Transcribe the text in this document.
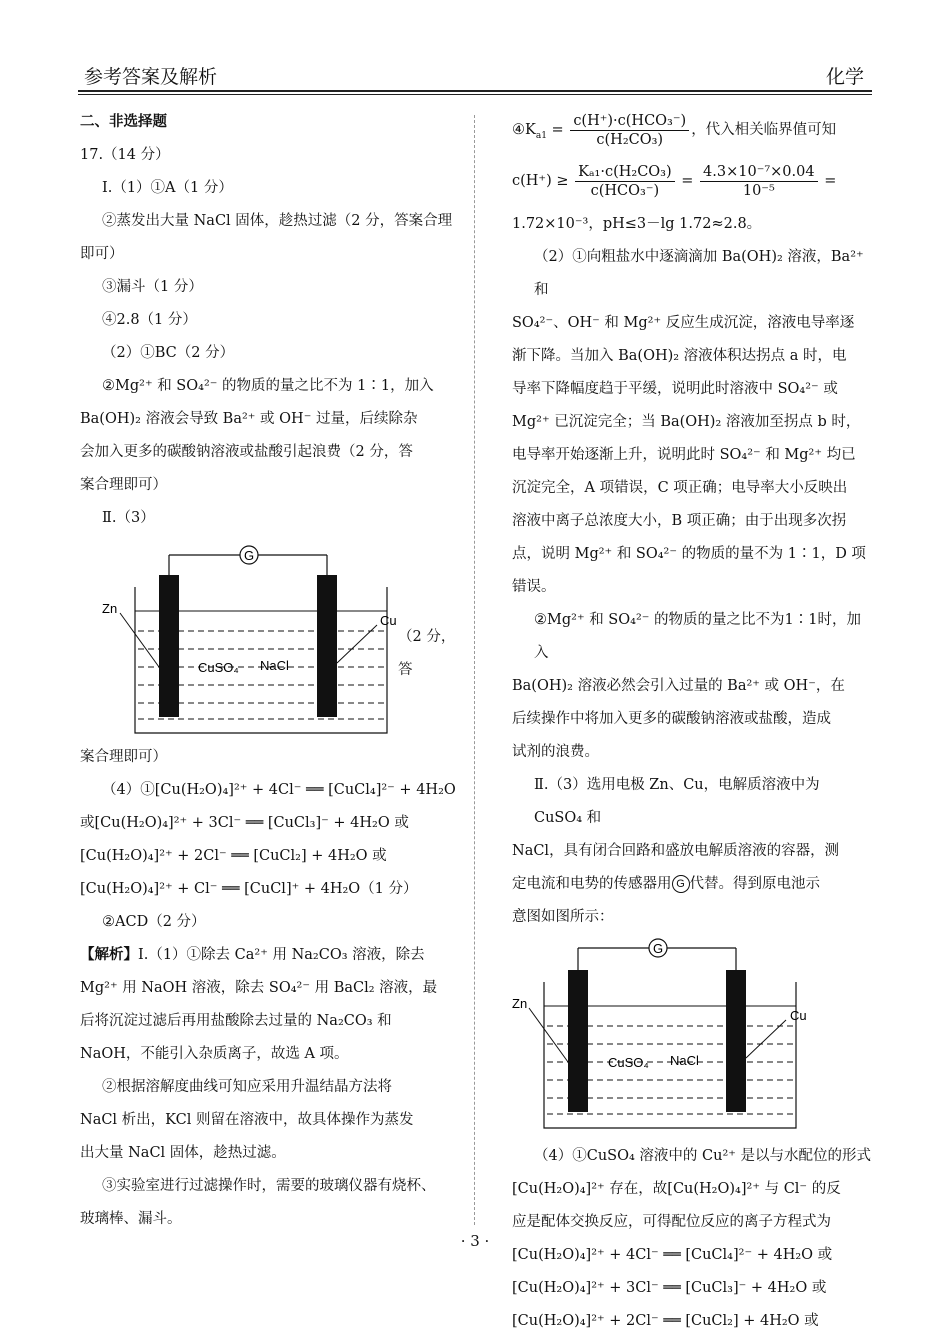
参考答案及解析	化学

二、非选择题

17.（14 分）

Ⅰ.（1）①A（1 分）

②蒸发出大量 NaCl 固体，趁热过滤（2 分，答案合理

即可）

③漏斗（1 分）

④2.8（1 分）

（2）①BC（2 分）

②Mg²⁺ 和 SO₄²⁻ 的物质的量之比不为 1∶1，加入

Ba(OH)₂ 溶液会导致 Ba²⁺ 或 OH⁻ 过量，后续除杂

会加入更多的碳酸钠溶液或盐酸引起浪费（2 分，答

案合理即可）

Ⅱ.（3）

G
Zn
Cu
CuSO₄ NaCl
（2 分，答

案合理即可）

（4）①[Cu(H₂O)₄]²⁺ + 4Cl⁻ ══ [CuCl₄]²⁻ + 4H₂O

或[Cu(H₂O)₄]²⁺ + 3Cl⁻ ══ [CuCl₃]⁻ + 4H₂O 或

[Cu(H₂O)₄]²⁺ + 2Cl⁻ ══ [CuCl₂] + 4H₂O 或

[Cu(H₂O)₄]²⁺ + Cl⁻ ══ [CuCl]⁺ + 4H₂O（1 分）

②ACD（2 分）

【解析】Ⅰ.（1）①除去 Ca²⁺ 用 Na₂CO₃ 溶液，除去

Mg²⁺ 用 NaOH 溶液，除去 SO₄²⁻ 用 BaCl₂ 溶液，最

后将沉淀过滤后再用盐酸除去过量的 Na₂CO₃ 和

NaOH，不能引入杂质离子，故选 A 项。

②根据溶解度曲线可知应采用升温结晶方法将

NaCl 析出，KCl 则留在溶液中，故具体操作为蒸发

出大量 NaCl 固体，趁热过滤。

③实验室进行过滤操作时，需要的玻璃仪器有烧杯、

玻璃棒、漏斗。

$④K_{a1} = \frac{\text{c(H⁺)·c(HCO₃⁻)}}{\text{c(H₂CO₃)}}$ ，代入相关临界值可知

$c(H^+) \ge \frac{\text{Kₐ₁·c(H₂CO₃)}}{\text{c(HCO₃⁻)}} = \frac{\text{4.3×10⁻⁷×0.04}}{\text{10⁻⁵}}$ =

1.72×10⁻³，pH≤3－lg 1.72≈2.8。

（2）①向粗盐水中逐滴滴加 Ba(OH)₂ 溶液，Ba²⁺ 和

SO₄²⁻、OH⁻ 和 Mg²⁺ 反应生成沉淀，溶液电导率逐

渐下降。当加入 Ba(OH)₂ 溶液体积达拐点 a 时，电

导率下降幅度趋于平缓，说明此时溶液中 SO₄²⁻ 或

Mg²⁺ 已沉淀完全；当 Ba(OH)₂ 溶液加至拐点 b 时，

电导率开始逐渐上升，说明此时 SO₄²⁻ 和 Mg²⁺ 均已

沉淀完全，A 项错误，C 项正确；电导率大小反映出

溶液中离子总浓度大小，B 项正确；由于出现多次拐

点，说明 Mg²⁺ 和 SO₄²⁻ 的物质的量不为 1∶1，D 项

错误。

②Mg²⁺ 和 SO₄²⁻ 的物质的量之比不为1∶1时，加入

Ba(OH)₂ 溶液必然会引入过量的 Ba²⁺ 或 OH⁻，在

后续操作中将加入更多的碳酸钠溶液或盐酸，造成

试剂的浪费。

Ⅱ.（3）选用电极 Zn、Cu，电解质溶液中为 CuSO₄ 和

NaCl，具有闭合回路和盛放电解质溶液的容器，测

定电流和电势的传感器用 G 代替。得到原电池示

意图如图所示：

G
Zn
Cu
CuSO₄ NaCl

（4）①CuSO₄ 溶液中的 Cu²⁺ 是以与水配位的形式

[Cu(H₂O)₄]²⁺ 存在，故[Cu(H₂O)₄]²⁺ 与 Cl⁻ 的反

应是配体交换反应，可得配位反应的离子方程式为

[Cu(H₂O)₄]²⁺ + 4Cl⁻ ══ [CuCl₄]²⁻ + 4H₂O 或

[Cu(H₂O)₄]²⁺ + 3Cl⁻ ══ [CuCl₃]⁻ + 4H₂O 或

[Cu(H₂O)₄]²⁺ + 2Cl⁻ ══ [CuCl₂] + 4H₂O 或

· 3 ·
